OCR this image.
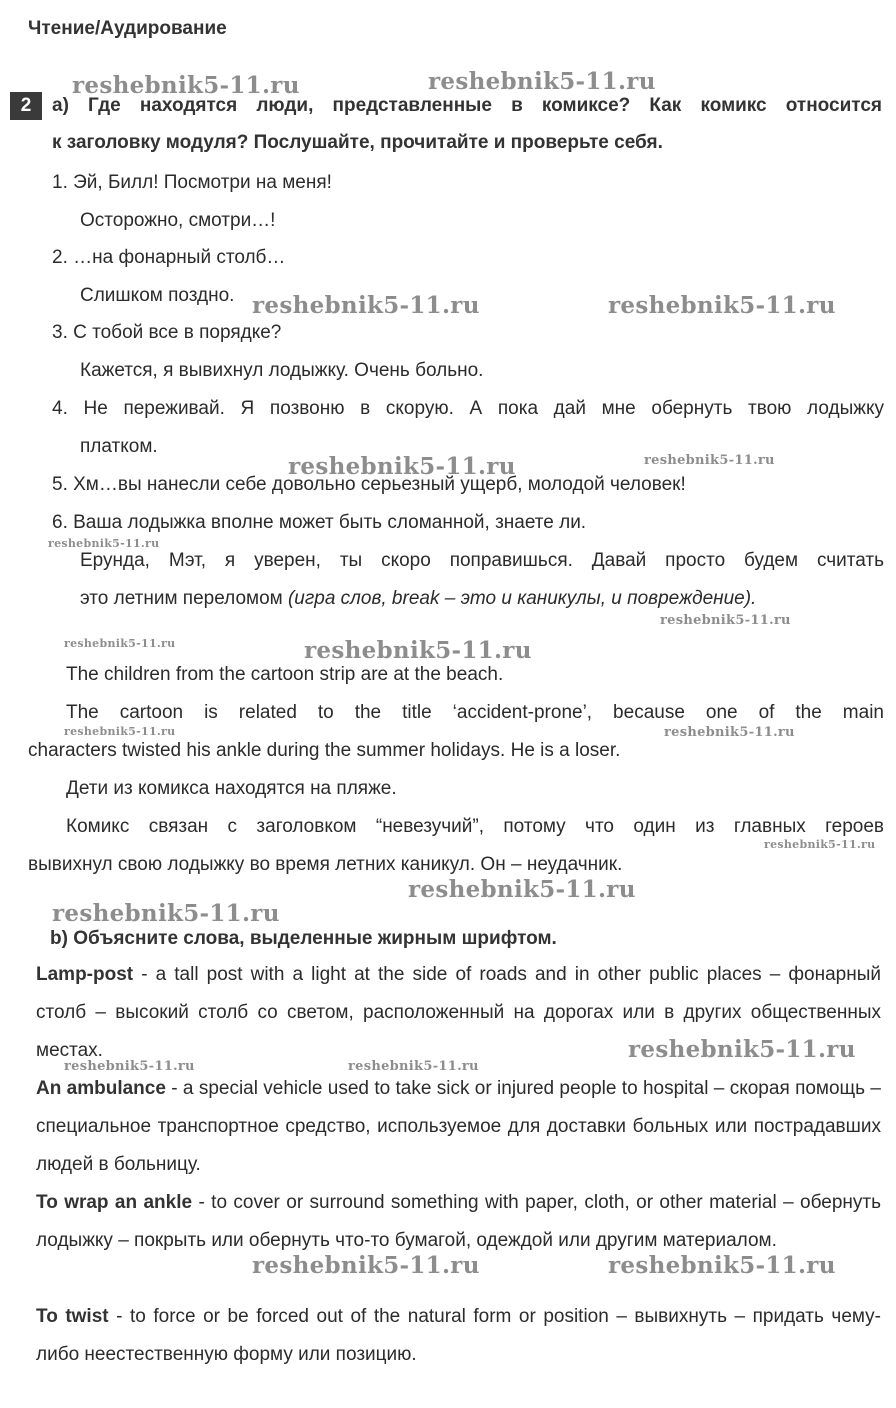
Чтение/Аудирование
2	a) Где находятся люди, представленные в комиксе? Как комикс относится
к заголовку модуля? Послушайте, прочитайте и проверьте себя.
1. Эй, Билл! Посмотри на меня!
Осторожно, смотри…!
2. …на фонарный столб…
Слишком поздно.
3. С тобой все в порядке?
Кажется, я вывихнул лодыжку. Очень больно.
4. Не переживай. Я позвоню в скорую. А пока дай мне обернуть твою лодыжку
платком.
5. Хм…вы нанесли себе довольно серьезный ущерб, молодой человек!
6. Ваша лодыжка вполне может быть сломанной, знаете ли.
Ерунда, Мэт, я уверен, ты скоро поправишься. Давай просто будем считать
это летним переломом (игра слов, break – это и каникулы, и повреждение).
The children from the cartoon strip are at the beach.
The cartoon is related to the title ‘accident-prone’, because one of the main
characters twisted his ankle during the summer holidays. He is a loser.
Дети из комикса находятся на пляже.
Комикс связан с заголовком “невезучий”, потому что один из главных героев
вывихнул свою лодыжку во время летних каникул. Он – неудачник.
b) Объясните слова, выделенные жирным шрифтом.
Lamp-post - a tall post with a light at the side of roads and in other public places – фонарный столб – высокий столб со светом, расположенный на дорогах или в других общественных местах.
An ambulance - a special vehicle used to take sick or injured people to hospital – скорая помощь – специальное транспортное средство, используемое для доставки больных или пострадавших людей в больницу.
To wrap an ankle - to cover or surround something with paper, cloth, or other material – обернуть лодыжку – покрыть или обернуть что-то бумагой, одеждой или другим материалом.
To twist - to force or be forced out of the natural form or position – вывихнуть – придать чему-либо неестественную форму или позицию.
reshebnik5-11.ru	reshebnik5-11.ru
reshebnik5-11.ru	reshebnik5-11.ru
reshebnik5-11.ru	reshebnik5-11.ru
reshebnik5-11.ru
reshebnik5-11.ru
reshebnik5-11.ru	reshebnik5-11.ru
reshebnik5-11.ru	reshebnik5-11.ru
reshebnik5-11.ru
reshebnik5-11.ru
reshebnik5-11.ru
reshebnik5-11.ru
reshebnik5-11.ru	reshebnik5-11.ru
reshebnik5-11.ru	reshebnik5-11.ru
